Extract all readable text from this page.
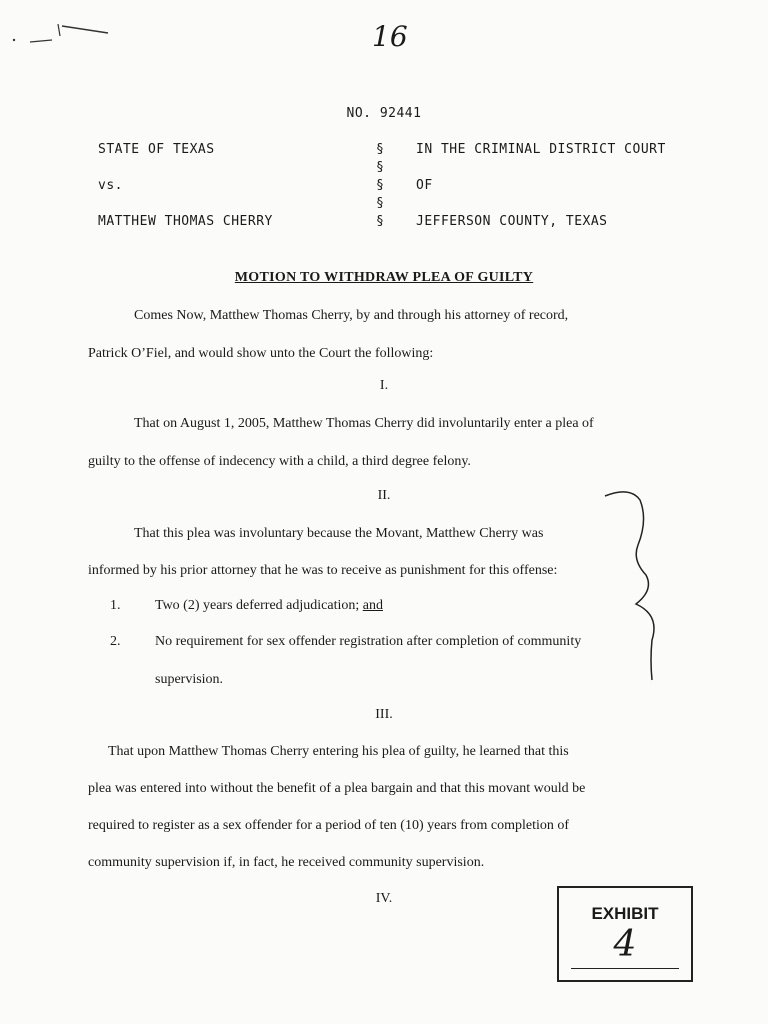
16
NO. 92441
STATE OF TEXAS
vs.
MATTHEW THOMAS CHERRY
§
§
§
§
§
IN THE CRIMINAL DISTRICT COURT
OF
JEFFERSON COUNTY, TEXAS
MOTION TO WITHDRAW PLEA OF GUILTY
Comes Now, Matthew Thomas Cherry, by and through his attorney of record,
Patrick O’Fiel, and would show unto the Court the following:
I.
That on August 1, 2005, Matthew Thomas Cherry did involuntarily enter a plea of
guilty to the offense of indecency with a child, a third degree felony.
II.
That this plea was involuntary because the Movant, Matthew Cherry was
informed by his prior attorney that he was to receive as punishment for this offense:
1. Two (2) years deferred adjudication; and
2. No requirement for sex offender registration after completion of community
supervision.
III.
That upon Matthew Thomas Cherry entering his plea of guilty, he learned that this
plea was entered into without the benefit of a plea bargain and that this movant would be
required to register as a sex offender for a period of ten (10) years from completion of
community supervision if, in fact, he received community supervision.
IV.
EXHIBIT
4
